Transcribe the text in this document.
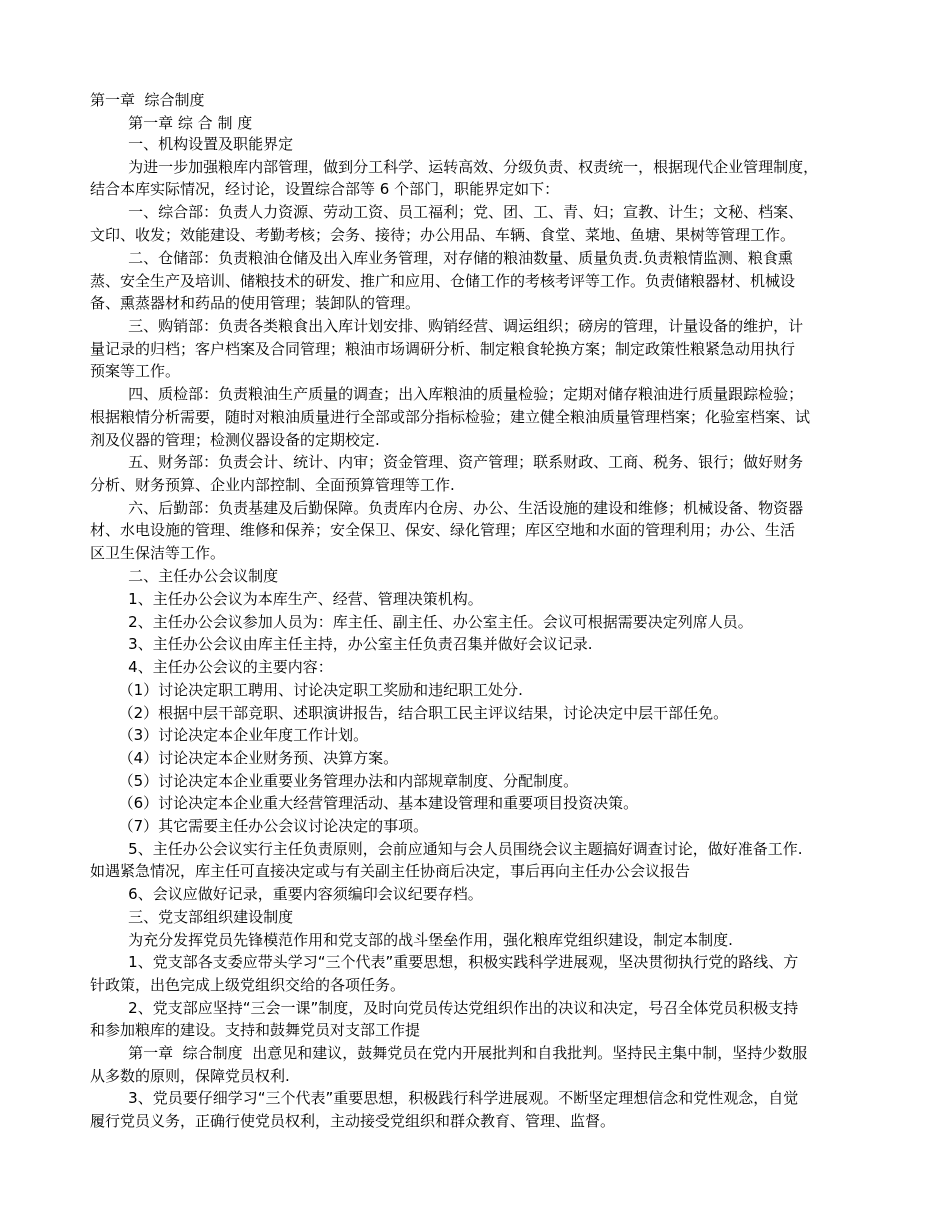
第一章  综合制度
第一章 综 合 制 度
一、机构设置及职能界定
为进一步加强粮库内部管理，做到分工科学、运转高效、分级负责、权责统一，根据现代企业管理制度，
结合本库实际情况，经讨论，设置综合部等 6 个部门，职能界定如下：
一、综合部：负责人力资源、劳动工资、员工福利；党、团、工、青、妇；宣教、计生；文秘、档案、
文印、收发；效能建设、考勤考核；会务、接待；办公用品、车辆、食堂、菜地、鱼塘、果树等管理工作。
二、仓储部：负责粮油仓储及出入库业务管理，对存储的粮油数量、质量负责.负责粮情监测、粮食熏
蒸、安全生产及培训、储粮技术的研发、推广和应用、仓储工作的考核考评等工作。负责储粮器材、机械设
备、熏蒸器材和药品的使用管理；装卸队的管理。
三、购销部：负责各类粮食出入库计划安排、购销经营、调运组织；磅房的管理，计量设备的维护，计
量记录的归档；客户档案及合同管理；粮油市场调研分析、制定粮食轮换方案；制定政策性粮紧急动用执行
预案等工作。
四、质检部：负责粮油生产质量的调查；出入库粮油的质量检验；定期对储存粮油进行质量跟踪检验；
根据粮情分析需要，随时对粮油质量进行全部或部分指标检验；建立健全粮油质量管理档案；化验室档案、试
剂及仪器的管理；检测仪器设备的定期校定.
五、财务部：负责会计、统计、内审；资金管理、资产管理；联系财政、工商、税务、银行；做好财务
分析、财务预算、企业内部控制、全面预算管理等工作.
六、后勤部：负责基建及后勤保障。负责库内仓房、办公、生活设施的建设和维修；机械设备、物资器
材、水电设施的管理、维修和保养；安全保卫、保安、绿化管理；库区空地和水面的管理利用；办公、生活
区卫生保洁等工作。
二、主任办公会议制度
1、主任办公会议为本库生产、经营、管理决策机构。
2、主任办公会议参加人员为：库主任、副主任、办公室主任。会议可根据需要决定列席人员。
3、主任办公会议由库主任主持，办公室主任负责召集并做好会议记录.
4、主任办公会议的主要内容：
（1）讨论决定职工聘用、讨论决定职工奖励和违纪职工处分.
（2）根据中层干部竞职、述职演讲报告，结合职工民主评议结果，讨论决定中层干部任免。
（3）讨论决定本企业年度工作计划。
（4）讨论决定本企业财务预、决算方案。
（5）讨论决定本企业重要业务管理办法和内部规章制度、分配制度。
（6）讨论决定本企业重大经营管理活动、基本建设管理和重要项目投资决策。
（7）其它需要主任办公会议讨论决定的事项。
5、主任办公会议实行主任负责原则，会前应通知与会人员围绕会议主题搞好调查讨论，做好准备工作.
如遇紧急情况，库主任可直接决定或与有关副主任协商后决定，事后再向主任办公会议报告
6、会议应做好记录，重要内容须编印会议纪要存档。
三、党支部组织建设制度
为充分发挥党员先锋模范作用和党支部的战斗堡垒作用，强化粮库党组织建设，制定本制度.
1、党支部各支委应带头学习“三个代表”重要思想，积极实践科学进展观，坚决贯彻执行党的路线、方
针政策，出色完成上级党组织交给的各项任务。
2、党支部应坚持“三会一课”制度，及时向党员传达党组织作出的决议和决定，号召全体党员积极支持
和参加粮库的建设。支持和鼓舞党员对支部工作提
第一章  综合制度  出意见和建议，鼓舞党员在党内开展批判和自我批判。坚持民主集中制，坚持少数服
从多数的原则，保障党员权利.
3、党员要仔细学习“三个代表”重要思想，积极践行科学进展观。不断坚定理想信念和党性观念，自觉
履行党员义务，正确行使党员权利，主动接受党组织和群众教育、管理、监督。
